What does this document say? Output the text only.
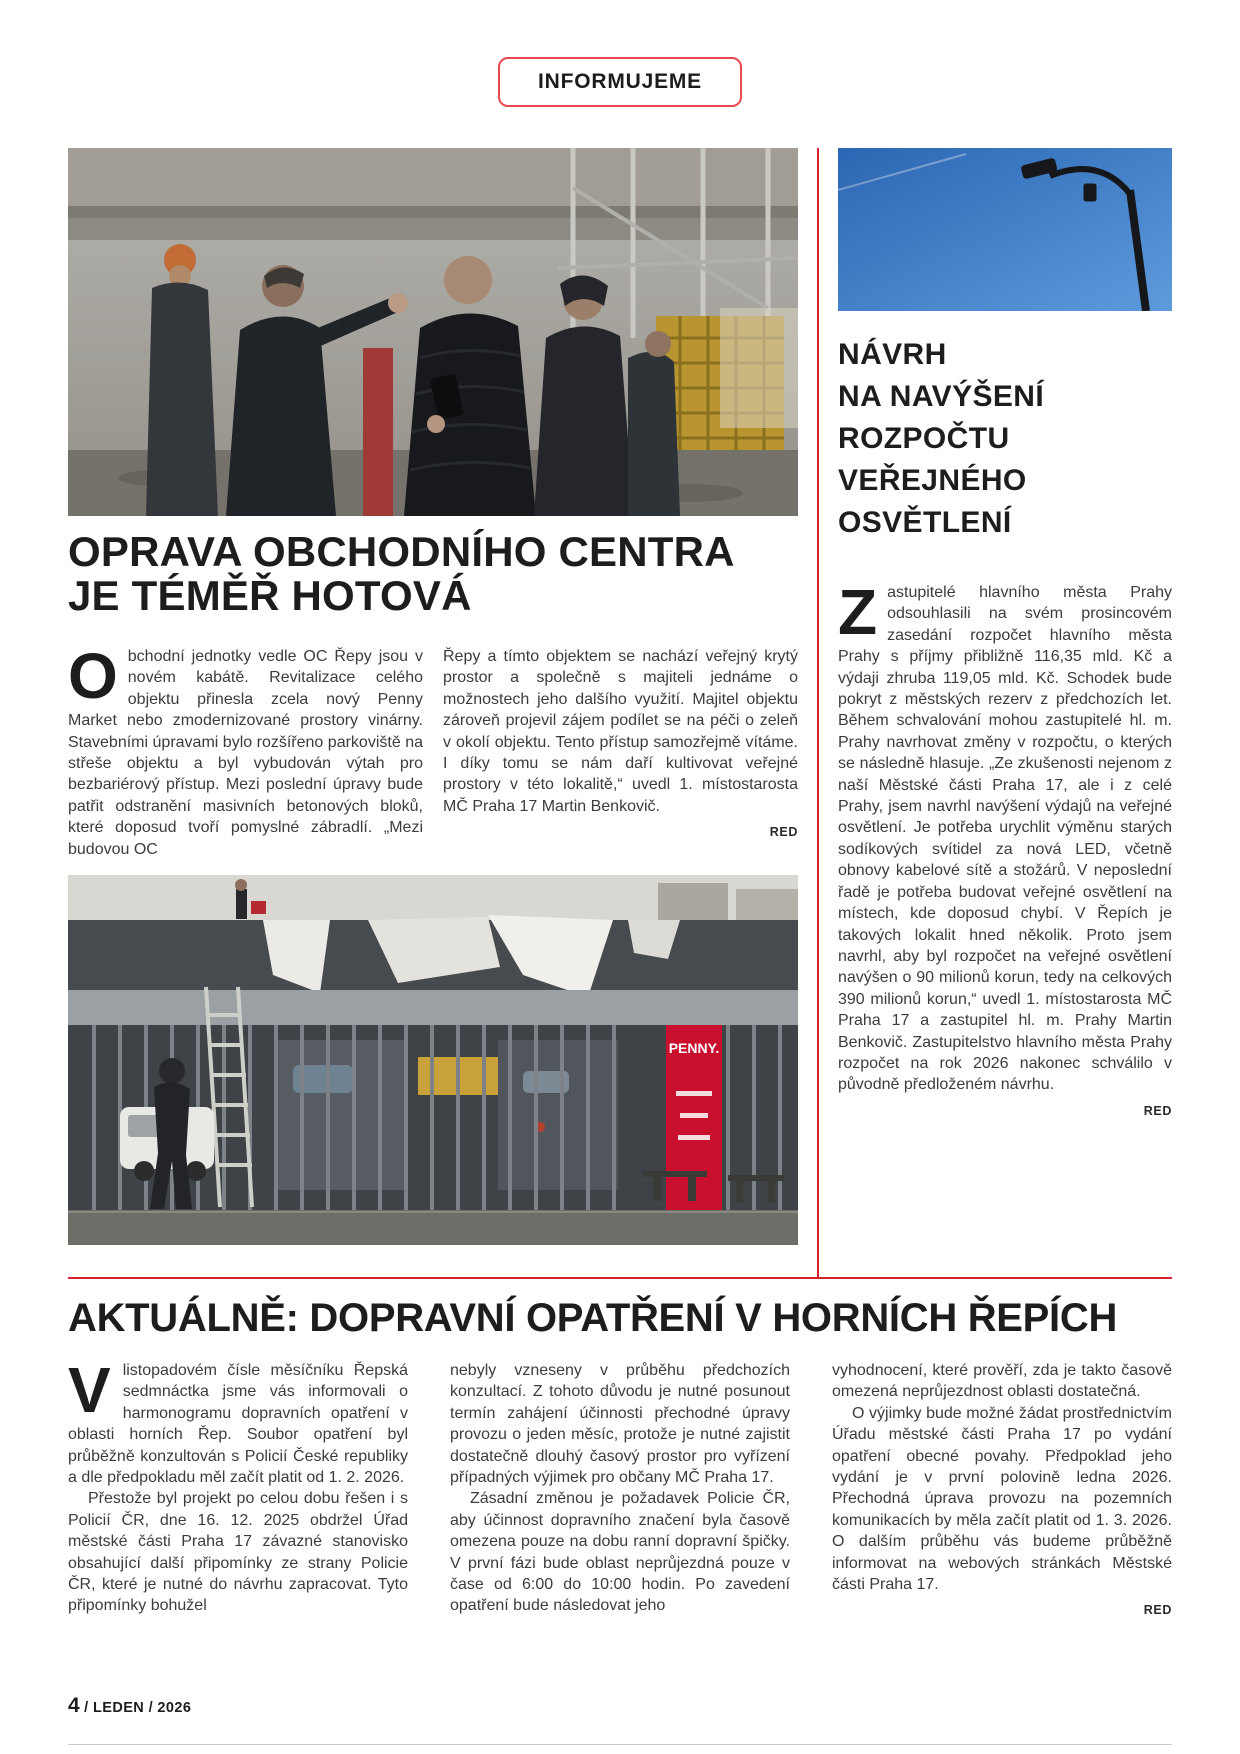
INFORMUJEME
OPRAVA OBCHODNÍHO CENTRA
JE TÉMĚŘ HOTOVÁ
Obchodní jednotky vedle OC Řepy jsou v novém kabátě. Revitalizace celého objektu přinesla zcela nový Penny Market nebo zmodernizované prostory vinárny. Stavebními úpravami bylo rozšířeno parkoviště na střeše objektu a byl vybudován výtah pro bezbariérový přístup. Mezi poslední úpravy bude patřit odstranění masivních betonových bloků, které doposud tvoří pomyslné zábradlí. „Mezi budovou OC
Řepy a tímto objektem se nachází veřejný krytý prostor a společně s majiteli jednáme o možnostech jeho dalšího využití. Majitel objektu zároveň projevil zájem podílet se na péči o zeleň v okolí objektu. Tento přístup samozřejmě vítáme. I díky tomu se nám daří kultivovat veřejné prostory v této lokalitě,“ uvedl 1. místostarosta MČ Praha 17 Martin Benkovič.
RED
PENNY.
NÁVRH
NA NAVÝŠENÍ
ROZPOČTU
VEŘEJNÉHO
OSVĚTLENÍ
Zastupitelé hlavního města Prahy odsouhlasili na svém prosincovém zasedání rozpočet hlavního města Prahy s příjmy přibližně 116,35 mld. Kč a výdaji zhruba 119,05 mld. Kč. Schodek bude pokryt z městských rezerv z předchozích let. Během schvalování mohou zastupitelé hl. m. Prahy navrhovat změny v rozpočtu, o kterých se následně hlasuje. „Ze zkušenosti nejenom z naší Městské části Praha 17, ale i z celé Prahy, jsem navrhl navýšení výdajů na veřejné osvětlení. Je potřeba urychlit výměnu starých sodíkových svítidel za nová LED, včetně obnovy kabelové sítě a stožárů. V neposlední řadě je potřeba budovat veřejné osvětlení na místech, kde doposud chybí. V Řepích je takových lokalit hned několik. Proto jsem navrhl, aby byl rozpočet na veřejné osvětlení navýšen o 90 milionů korun, tedy na celkových 390 milionů korun,“ uvedl 1. místostarosta MČ Praha 17 a zastupitel hl. m. Prahy Martin Benkovič. Zastupitelstvo hlavního města Prahy rozpočet na rok 2026 nakonec schválilo v původně předloženém návrhu.
RED
AKTUÁLNĚ: DOPRAVNÍ OPATŘENÍ V HORNÍCH ŘEPÍCH
V listopadovém čísle měsíčníku Řepská sedmnáctka jsme vás informovali o harmonogramu dopravních opatření v oblasti horních Řep. Soubor opatření byl průběžně konzultován s Policií České republiky a dle předpokladu měl začít platit od 1. 2. 2026.

Přestože byl projekt po celou dobu řešen i s Policií ČR, dne 16. 12. 2025 obdržel Úřad městské části Praha 17 závazné stanovisko obsahující další připomínky ze strany Policie ČR, které je nutné do návrhu zapracovat. Tyto připomínky bohužel

nebyly vzneseny v průběhu předchozích konzultací. Z tohoto důvodu je nutné posunout termín zahájení účinnosti přechodné úpravy provozu o jeden měsíc, protože je nutné zajistit dostatečně dlouhý časový prostor pro vyřízení případných výjimek pro občany MČ Praha 17.

Zásadní změnou je požadavek Policie ČR, aby účinnost dopravního značení byla časově omezena pouze na dobu ranní dopravní špičky. V první fázi bude oblast neprůjezdná pouze v čase od 6:00 do 10:00 hodin. Po zavedení opatření bude následovat jeho

vyhodnocení, které prověří, zda je takto časově omezená neprůjezdnost oblasti dostatečná.

O výjimky bude možné žádat prostřednictvím Úřadu městské části Praha 17 po vydání opatření obecné povahy. Předpoklad jeho vydání je v první polovině ledna 2026. Přechodná úprava provozu na pozemních komunikacích by měla začít platit od 1. 3. 2026. O dalším průběhu vás budeme průběžně informovat na webových stránkách Městské části Praha 17.

RED
4 / LEDEN / 2026
